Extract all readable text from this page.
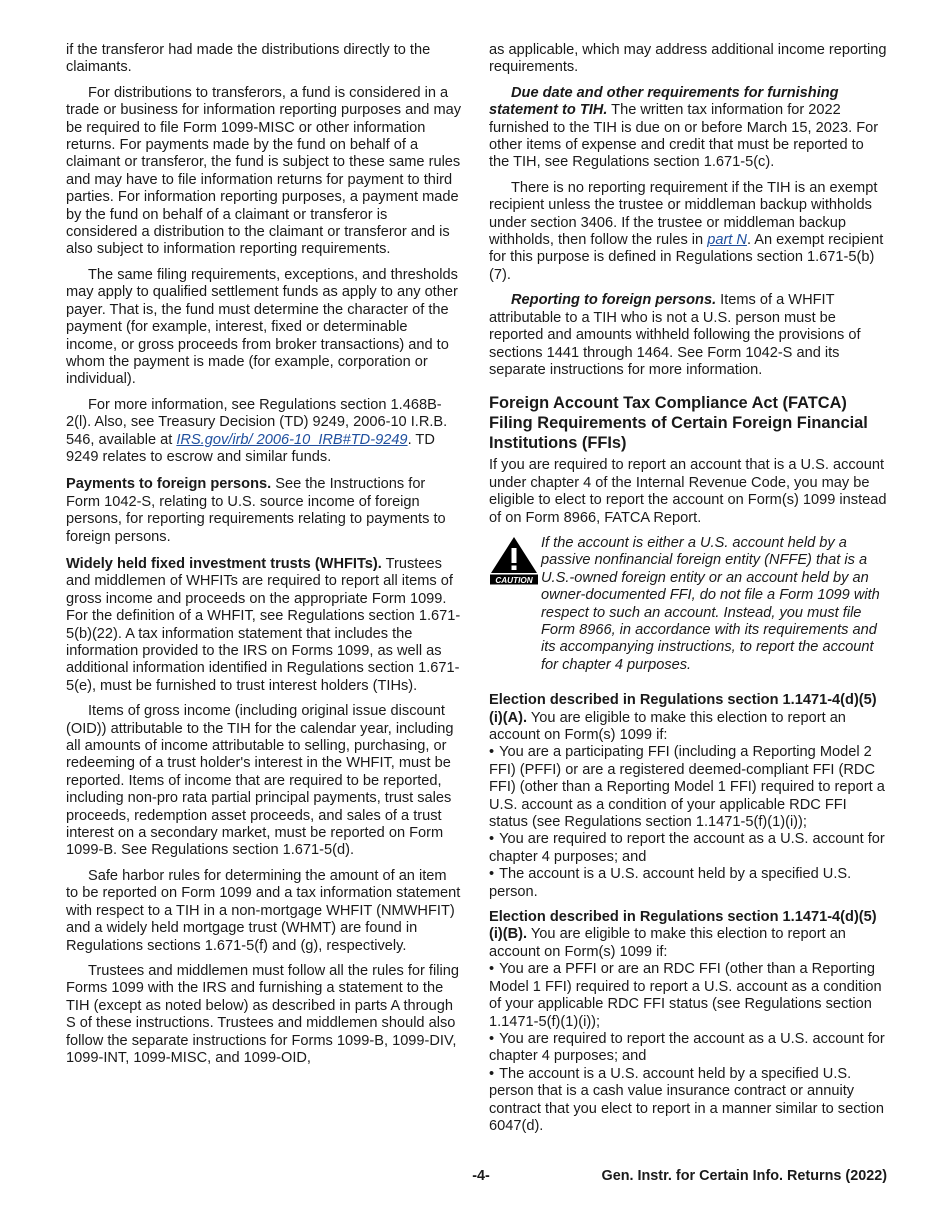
if the transferor had made the distributions directly to the claimants.

For distributions to transferors, a fund is considered in a trade or business for information reporting purposes and may be required to file Form 1099-MISC or other information returns. For payments made by the fund on behalf of a claimant or transferor, the fund is subject to these same rules and may have to file information returns for payment to third parties. For information reporting purposes, a payment made by the fund on behalf of a claimant or transferor is considered a distribution to the claimant or transferor and is also subject to information reporting requirements.

The same filing requirements, exceptions, and thresholds may apply to qualified settlement funds as apply to any other payer. That is, the fund must determine the character of the payment (for example, interest, fixed or determinable income, or gross proceeds from broker transactions) and to whom the payment is made (for example, corporation or individual).

For more information, see Regulations section 1.468B-2(l). Also, see Treasury Decision (TD) 9249, 2006-10 I.R.B. 546, available at IRS.gov/irb/ 2006-10_IRB#TD-9249. TD 9249 relates to escrow and similar funds.

Payments to foreign persons. See the Instructions for Form 1042-S, relating to U.S. source income of foreign persons, for reporting requirements relating to payments to foreign persons.

Widely held fixed investment trusts (WHFITs). Trustees and middlemen of WHFITs are required to report all items of gross income and proceeds on the appropriate Form 1099. For the definition of a WHFIT, see Regulations section 1.671-5(b)(22). A tax information statement that includes the information provided to the IRS on Forms 1099, as well as additional information identified in Regulations section 1.671-5(e), must be furnished to trust interest holders (TIHs).

Items of gross income (including original issue discount (OID)) attributable to the TIH for the calendar year, including all amounts of income attributable to selling, purchasing, or redeeming of a trust holder's interest in the WHFIT, must be reported. Items of income that are required to be reported, including non-pro rata partial principal payments, trust sales proceeds, redemption asset proceeds, and sales of a trust interest on a secondary market, must be reported on Form 1099-B. See Regulations section 1.671-5(d).

Safe harbor rules for determining the amount of an item to be reported on Form 1099 and a tax information statement with respect to a TIH in a non-mortgage WHFIT (NMWHFIT) and a widely held mortgage trust (WHMT) are found in Regulations sections 1.671-5(f) and (g), respectively.

Trustees and middlemen must follow all the rules for filing Forms 1099 with the IRS and furnishing a statement to the TIH (except as noted below) as described in parts A through S of these instructions. Trustees and middlemen should also follow the separate instructions for Forms 1099-B, 1099-DIV, 1099-INT, 1099-MISC, and 1099-OID,

as applicable, which may address additional income reporting requirements.

Due date and other requirements for furnishing statement to TIH. The written tax information for 2022 furnished to the TIH is due on or before March 15, 2023. For other items of expense and credit that must be reported to the TIH, see Regulations section 1.671-5(c).

There is no reporting requirement if the TIH is an exempt recipient unless the trustee or middleman backup withholds under section 3406. If the trustee or middleman backup withholds, then follow the rules in part N. An exempt recipient for this purpose is defined in Regulations section 1.671-5(b)(7).

Reporting to foreign persons. Items of a WHFIT attributable to a TIH who is not a U.S. person must be reported and amounts withheld following the provisions of sections 1441 through 1464. See Form 1042-S and its separate instructions for more information.

Foreign Account Tax Compliance Act (FATCA) Filing Requirements of Certain Foreign Financial Institutions (FFIs)

If you are required to report an account that is a U.S. account under chapter 4 of the Internal Revenue Code, you may be eligible to elect to report the account on Form(s) 1099 instead of on Form 8966, FATCA Report.

CAUTION
If the account is either a U.S. account held by a passive nonfinancial foreign entity (NFFE) that is a U.S.-owned foreign entity or an account held by an owner-documented FFI, do not file a Form 1099 with respect to such an account. Instead, you must file Form 8966, in accordance with its requirements and its accompanying instructions, to report the account for chapter 4 purposes.

Election described in Regulations section 1.1471-4(d)(5)(i)(A). You are eligible to make this election to report an account on Form(s) 1099 if:

• You are a participating FFI (including a Reporting Model 2 FFI) (PFFI) or are a registered deemed-compliant FFI (RDC FFI) (other than a Reporting Model 1 FFI) required to report a U.S. account as a condition of your applicable RDC FFI status (see Regulations section 1.1471-5(f)(1)(i));

• You are required to report the account as a U.S. account for chapter 4 purposes; and

• The account is a U.S. account held by a specified U.S. person.

Election described in Regulations section 1.1471-4(d)(5)(i)(B). You are eligible to make this election to report an account on Form(s) 1099 if:

• You are a PFFI or are an RDC FFI (other than a Reporting Model 1 FFI) required to report a U.S. account as a condition of your applicable RDC FFI status (see Regulations section 1.1471-5(f)(1)(i));

• You are required to report the account as a U.S. account for chapter 4 purposes; and

• The account is a U.S. account held by a specified U.S. person that is a cash value insurance contract or annuity contract that you elect to report in a manner similar to section 6047(d).

-4-	Gen. Instr. for Certain Info. Returns (2022)
